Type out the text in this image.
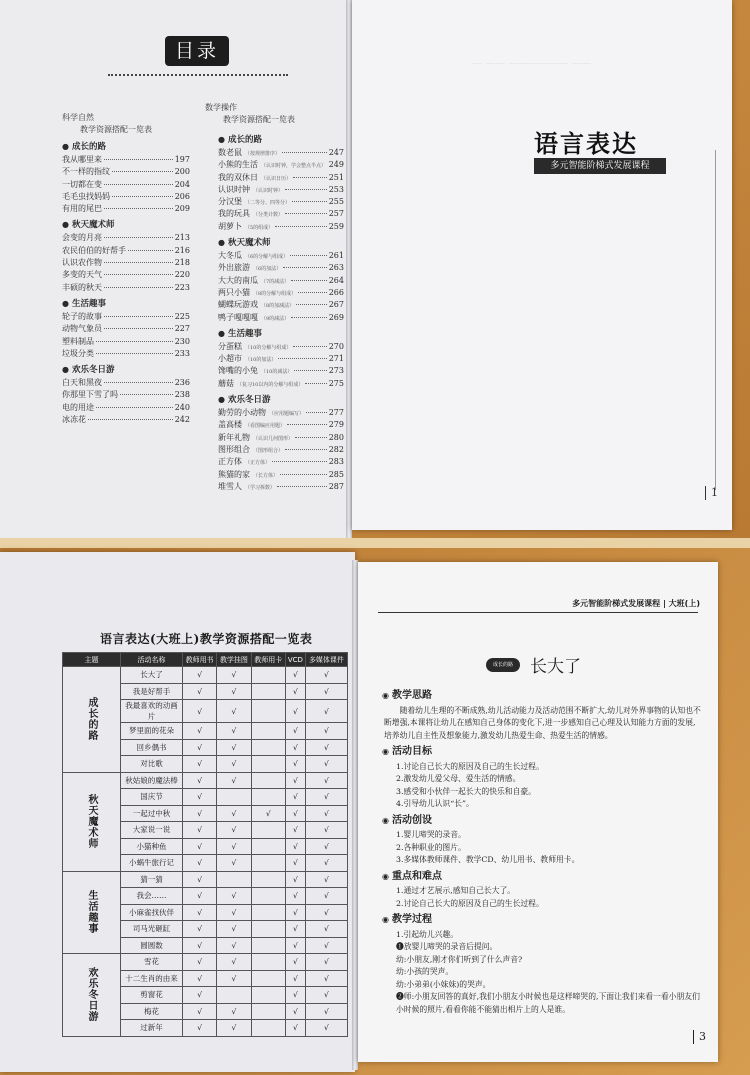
目录
科学自然
教学资源搭配一览表
● 成长的路
我从哪里来	197
不一样的指纹	200
一切都在变	204
毛毛虫找妈妈	206
有用的尾巴	209
● 秋天魔术师
会变的月亮	213
农民伯伯的好帮手	216
认识农作物	218
多变的天气	220
丰硕的秋天	223
● 生活趣事
轮子的故事	225
动物气象员	227
塑料制品	230
垃圾分类	233
● 欢乐冬日游
白天和黑夜	236
你那里下雪了吗	238
电的用途	240
冰冻花	242
数学操作
教学资源搭配一览表
● 成长的路
数老鼠 （按规律排序）	247
小熊的生活 （认识时钟，学会整点半点） 249
我的双休日 （认识日历）	251
认识时钟 （认识时钟）	253
分汉堡 （二等分、四等分）	255
我的玩具 （分类计数）	257
胡萝卜 （5的组成）	259
● 秋天魔术师
大冬瓜 （6的分解与组成）	261
外出旅游 （6的加法）	263
大大的南瓜 （7的减法）	264
两只小猫 （8的分解与组成）	266
蝴蝶玩游戏 （8的加减法）	267
鸭子嘎嘎嘎 （9的减法）	269
● 生活趣事
分蛋糕 （10的分解与组成）	270
小超市 （10的加法）	271
馋嘴的小兔 （10的减法）	273
蘑菇 （复习10以内的分解与组成）	275
● 欢乐冬日游
勤劳的小动物 （应用题编写）	277
盖高楼 （看图编应用题）	279
新年礼物 （认识几何图形）	280
图形组合 （图形组合）	282
正方体 （正方体）	283
熊猫的家 （长方体）	285
堆雪人 （学习拆数）	287
— —— —————— ——
语言表达
多元智能阶梯式发展课程
1
语言表达(大班上)教学资源搭配一览表
主题	活动名称	教师用书	教学挂图	教师用卡	VCD	多媒体课件
成长的路	长大了	√	√		√	√
	我是好帮手	√	√		√	√
	我最喜欢的动画片	√	√		√	√
	梦里面的花朵	√	√		√	√
	回乡偶书	√	√		√	√
	对比歌	√	√		√	√
秋天魔术师	秋姑娘的魔法棒	√	√		√	√
	国庆节	√			√	√
	一起过中秋	√	√	√	√	√
	大家说一说	√	√		√	√
	小猫种鱼	√	√		√	√
	小蜗牛旅行记	√	√		√	√
生活趣事	猜一猜	√			√	√
	我会……	√	√		√	√
	小麻雀找伙伴	√	√		√	√
	司马光砸缸	√	√		√	√
	圆圆数	√	√		√	√
欢乐冬日游	雪花	√	√		√	√
	十二生肖的由来	√	√		√	√
	剪窗花	√			√	√
	梅花	√	√		√	√
	过新年	√	√		√	√
多元智能阶梯式发展课程 | 大班(上)
成长的路	长大了
◉ 教学思路
随着幼儿生理的不断成熟,幼儿活动能力及活动范围不断扩大,幼儿对外界事物的认知也不断增强,本课将让幼儿在感知自己身体的变化下,进一步感知自己心理及认知能力方面的发展,培养幼儿自主性及想象能力,激发幼儿热爱生命、热爱生活的情感。
◉ 活动目标
1.讨论自己长大的原因及自己的生长过程。
2.激发幼儿爱父母、爱生活的情感。
3.感受和小伙伴一起长大的快乐和自豪。
4.引导幼儿认识“长”。
◉ 活动创设
1.婴儿啼哭的录音。
2.各种职业的图片。
3.多媒体教师课件、教学CD、幼儿用书、教师用卡。
◉ 重点和难点
1.通过才艺展示,感知自己长大了。
2.讨论自己长大的原因及自己的生长过程。
◉ 教学过程
1.引起幼儿兴趣。
❶放婴儿啼哭的录音后提问。
幼:小朋友,刚才你们听到了什么声音?
幼:小孩的哭声。
幼:小弟弟(小妹妹)的哭声。
❷师:小朋友回答的真好,我们小朋友小时候也是这样啼哭的,下面让我们来看一看小朋友们小时候的照片,看看你能不能猜出相片上的人是谁。
3
